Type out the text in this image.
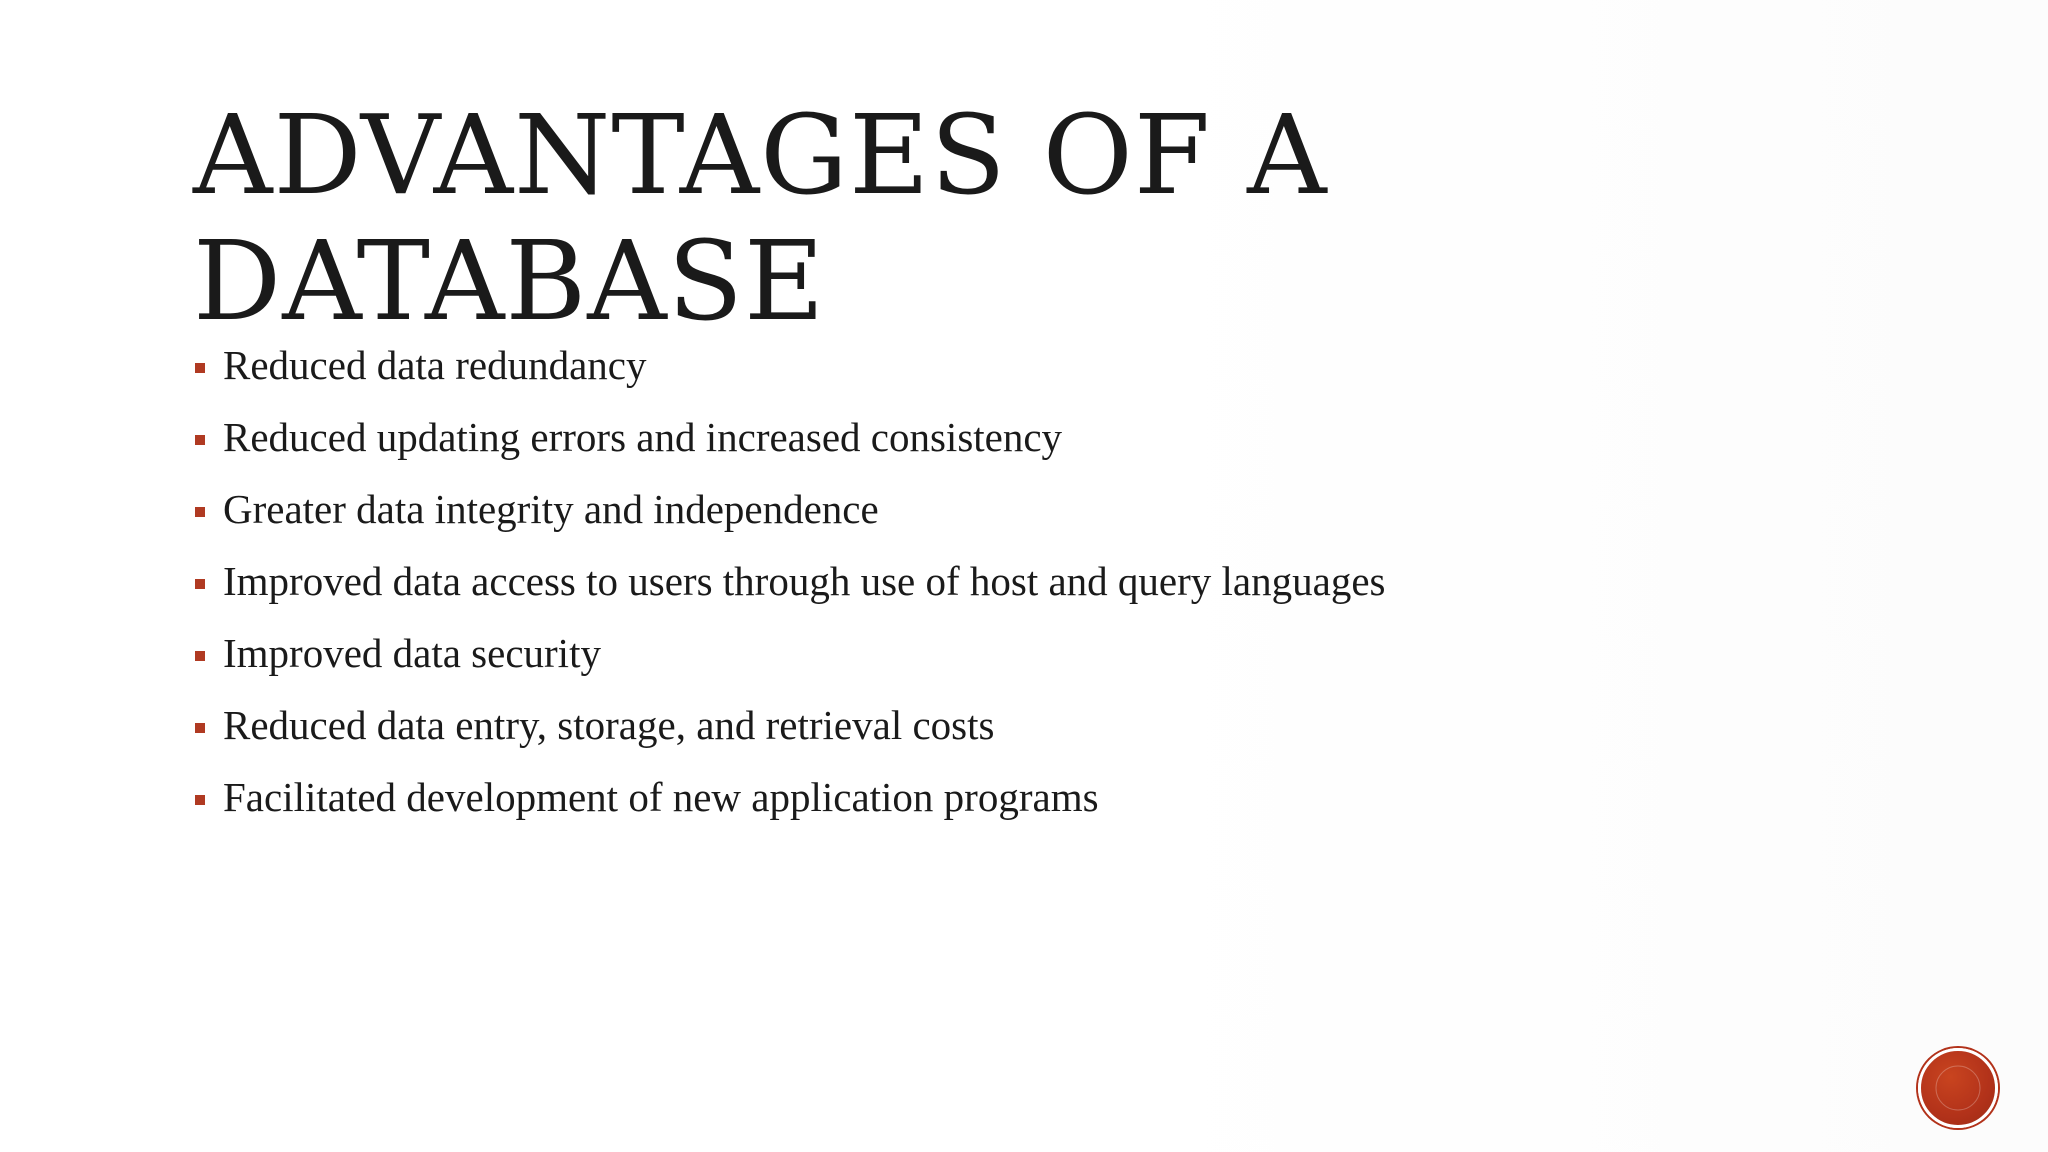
ADVANTAGES OF A DATABASE
Reduced data redundancy
Reduced updating errors and increased consistency
Greater data integrity and independence
Improved data access to users through use of host and query languages
Improved data security
Reduced data entry, storage, and retrieval costs
Facilitated development of new application programs
